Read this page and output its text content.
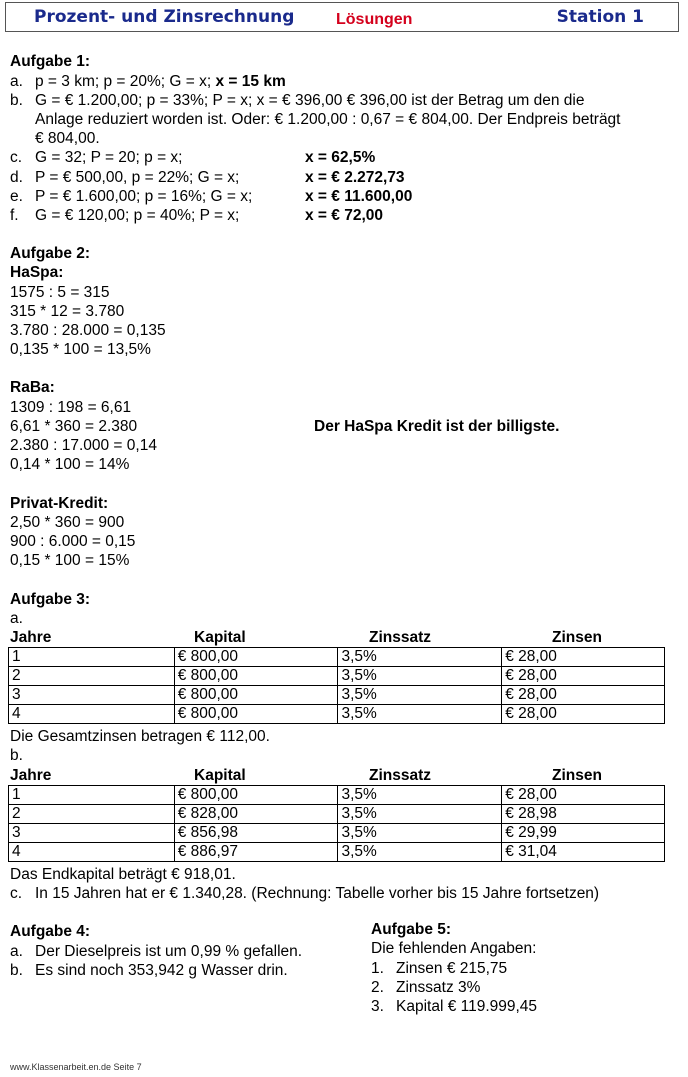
Prozent- und Zinsrechnung	Lösungen	Station 1
Aufgabe 1:
a. p = 3 km; p = 20%; G = x; x = 15 km
b. G = € 1.200,00; p = 33%; P = x; x = € 396,00 € 396,00 ist der Betrag um den die
Anlage reduziert worden ist. Oder: € 1.200,00 : 0,67 = € 804,00. Der Endpreis beträgt
€ 804,00.
c. G = 32; P = 20; p = x;	x = 62,5%
d. P = € 500,00, p = 22%; G = x;	x = € 2.272,73
e. P = € 1.600,00; p = 16%; G = x;	x = € 11.600,00
f. G = € 120,00; p = 40%; P = x;	x = € 72,00
Aufgabe 2:
HaSpa:
1575 : 5 = 315
315 * 12 = 3.780
3.780 : 28.000 = 0,135
0,135 * 100 = 13,5%
RaBa:
1309 : 198 = 6,61
6,61 * 360 = 2.380	Der HaSpa Kredit ist der billigste.
2.380 : 17.000 = 0,14
0,14 * 100 = 14%
Privat-Kredit:
2,50 * 360 = 900
900 : 6.000 = 0,15
0,15 * 100 = 15%
Aufgabe 3:
a.
Jahre	Kapital	Zinssatz	Zinsen
1	€ 800,00	3,5%	€ 28,00
2	€ 800,00	3,5%	€ 28,00
3	€ 800,00	3,5%	€ 28,00
4	€ 800,00	3,5%	€ 28,00
Die Gesamtzinsen betragen € 112,00.
b.
Jahre	Kapital	Zinssatz	Zinsen
1	€ 800,00	3,5%	€ 28,00
2	€ 828,00	3,5%	€ 28,98
3	€ 856,98	3,5%	€ 29,99
4	€ 886,97	3,5%	€ 31,04
Das Endkapital beträgt € 918,01.
c. In 15 Jahren hat er € 1.340,28. (Rechnung: Tabelle vorher bis 15 Jahre fortsetzen)
Aufgabe 4:
a. Der Dieselpreis ist um 0,99 % gefallen.
b. Es sind noch 353,942 g Wasser drin.
Aufgabe 5:
Die fehlenden Angaben:
1. Zinsen € 215,75
2. Zinssatz 3%
3. Kapital € 119.999,45
www.Klassenarbeit.en.de Seite 7
